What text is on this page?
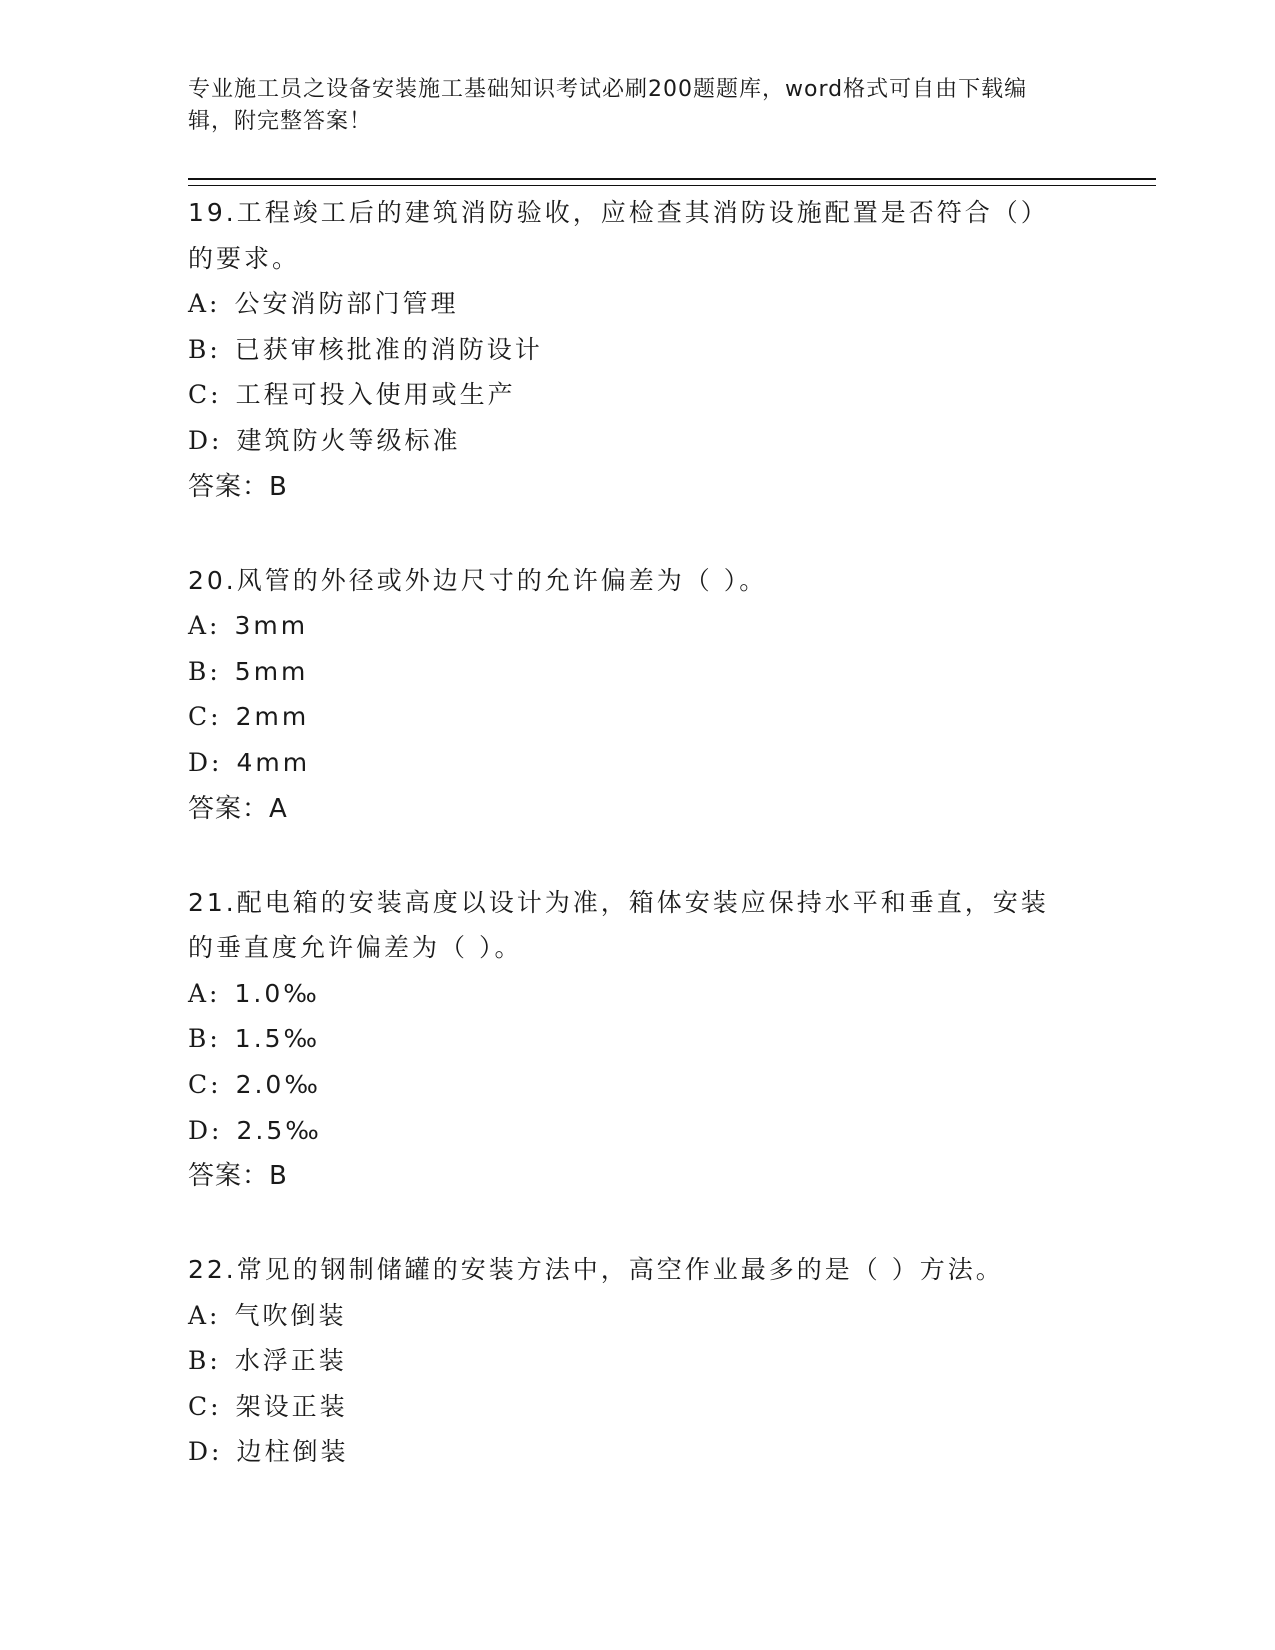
专业施工员之设备安装施工基础知识考试必刷200题题库，word格式可自由下载编辑，附完整答案！
19.工程竣工后的建筑消防验收，应检查其消防设施配置是否符合（）的要求。
A: 公安消防部门管理
B: 已获审核批准的消防设计
C: 工程可投入使用或生产
D: 建筑防火等级标准
答案：B
20.风管的外径或外边尺寸的允许偏差为（ ）。
A: 3mm
B: 5mm
C: 2mm
D: 4mm
答案：A
21.配电箱的安装高度以设计为准，箱体安装应保持水平和垂直，安装的垂直度允许偏差为（ ）。
A: 1.0‰
B: 1.5‰
C: 2.0‰
D: 2.5‰
答案：B
22.常见的钢制储罐的安装方法中，高空作业最多的是（ ）方法。
A: 气吹倒装
B: 水浮正装
C: 架设正装
D: 边柱倒装
